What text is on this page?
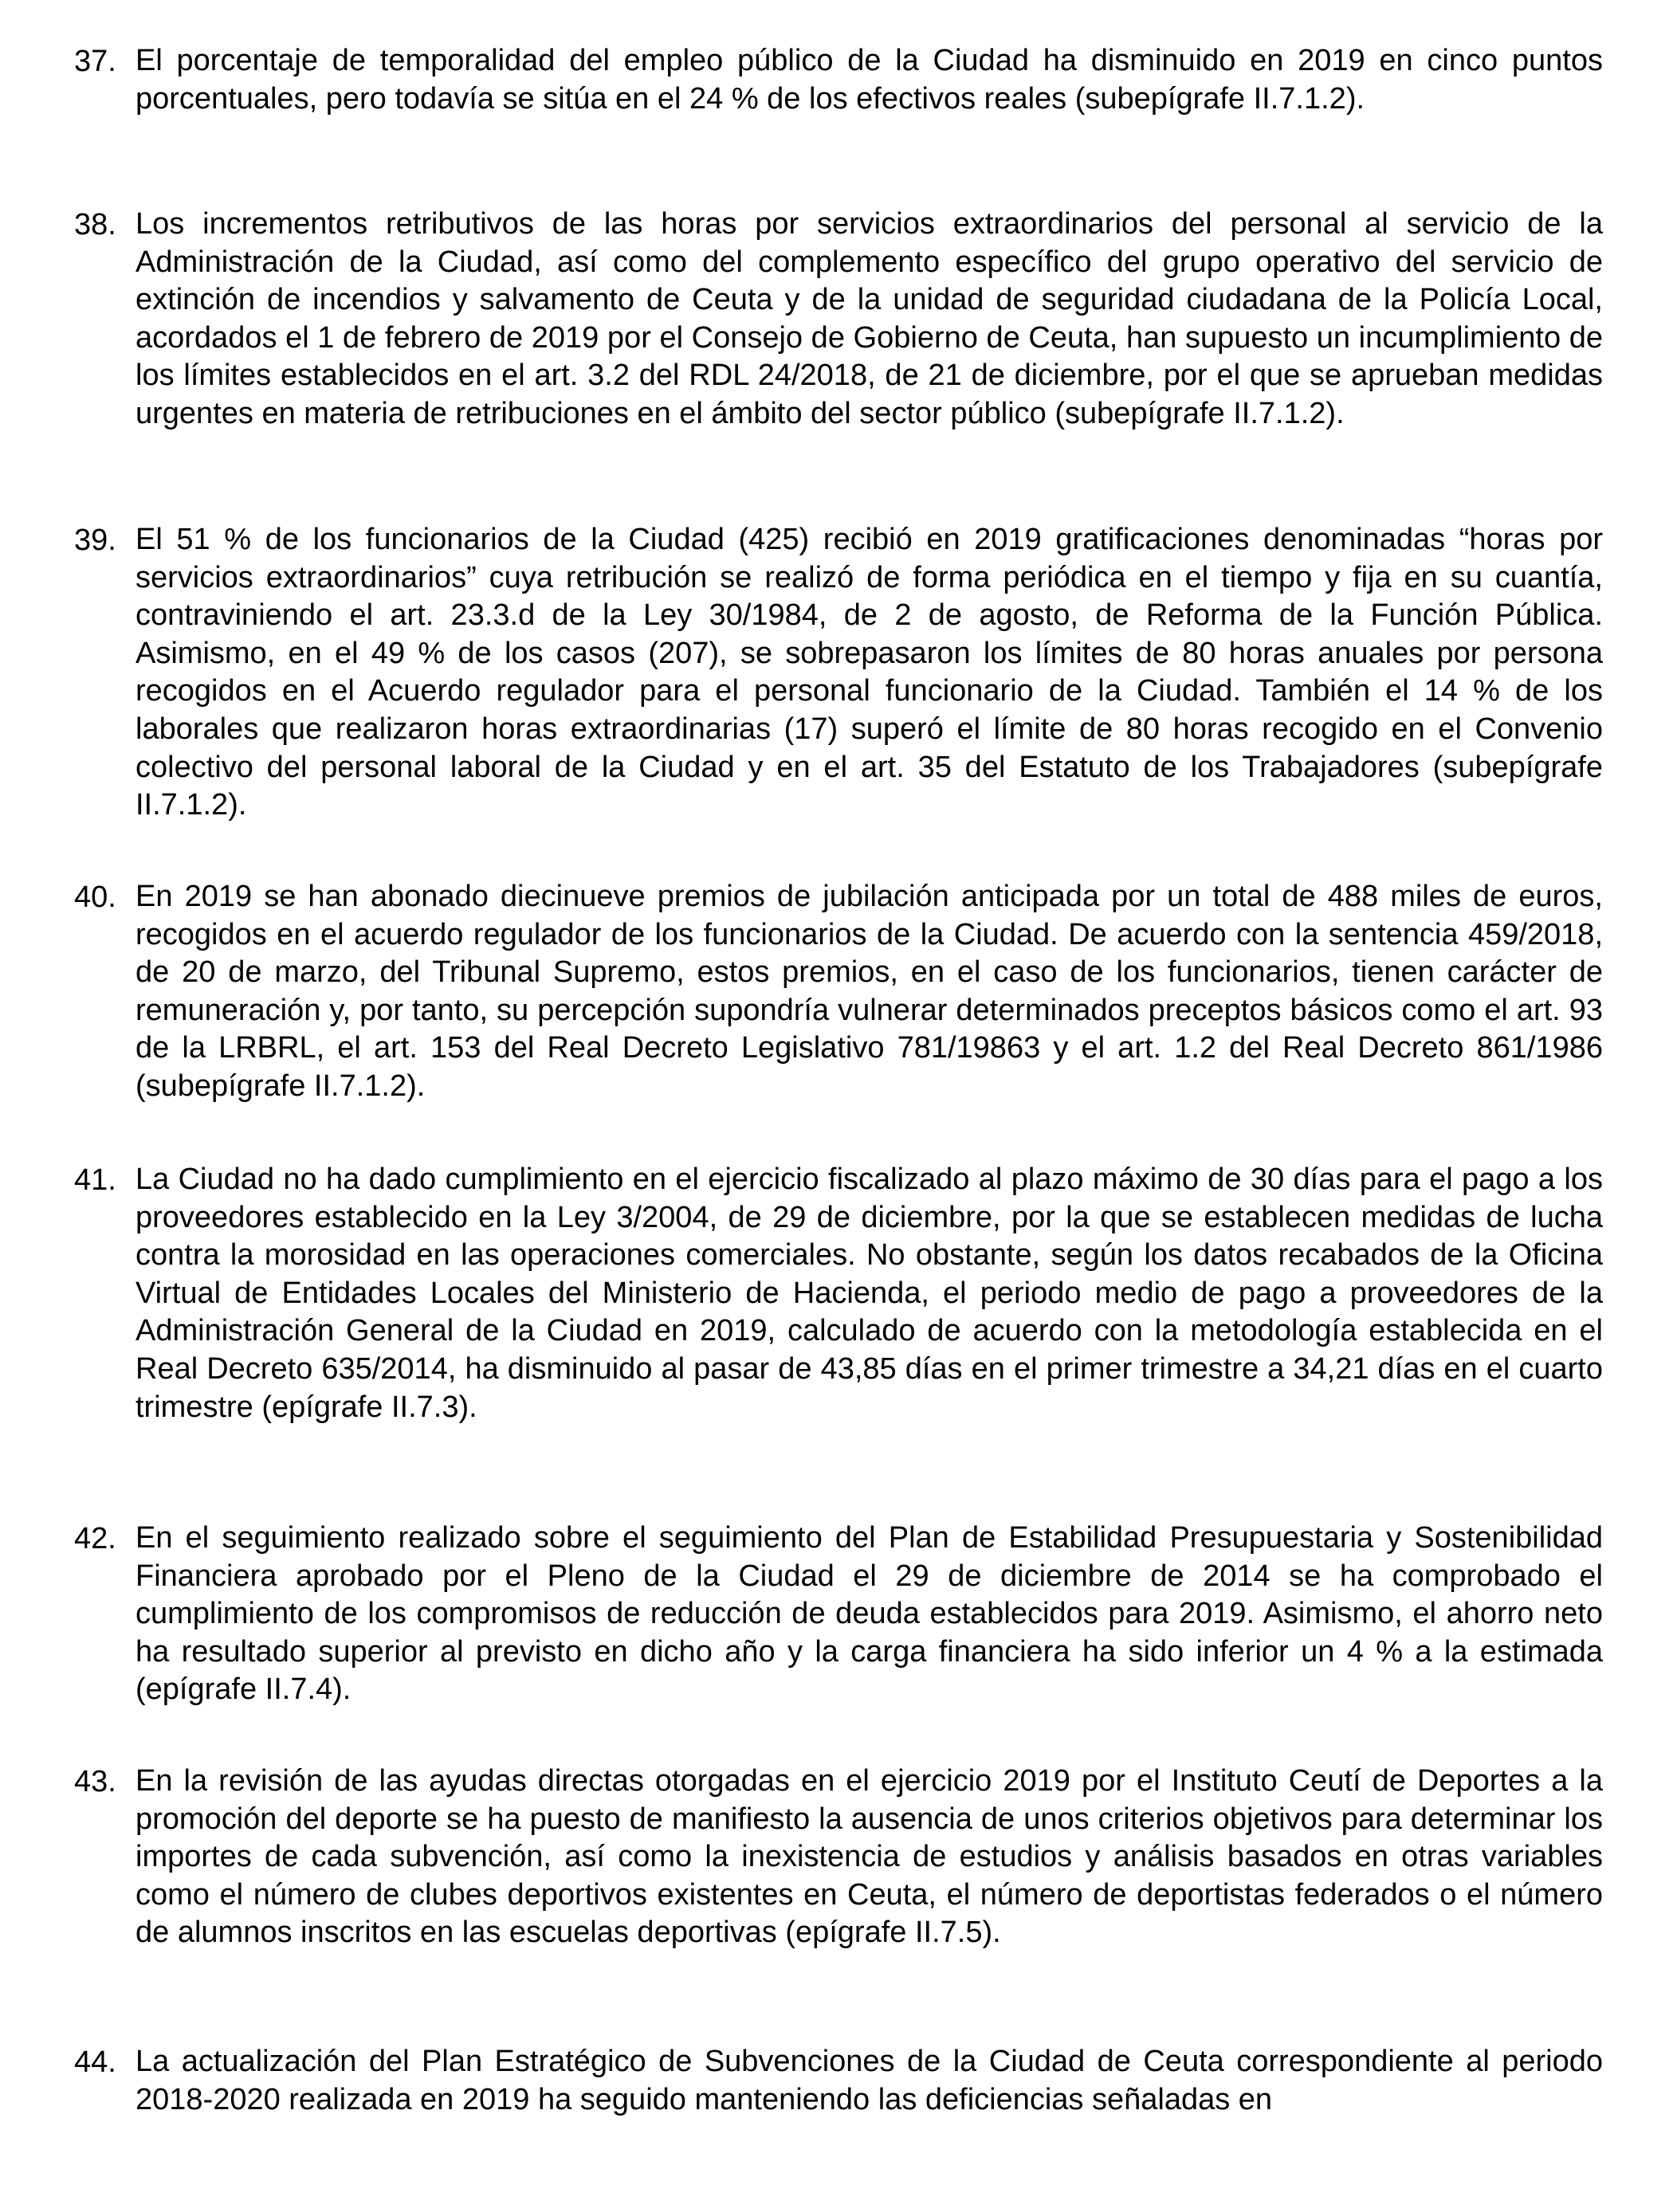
37. El porcentaje de temporalidad del empleo público de la Ciudad ha disminuido en 2019 en cinco puntos porcentuales, pero todavía se sitúa en el 24 % de los efectivos reales (subepígrafe II.7.1.2).
38. Los incrementos retributivos de las horas por servicios extraordinarios del personal al servicio de la Administración de la Ciudad, así como del complemento específico del grupo operativo del servicio de extinción de incendios y salvamento de Ceuta y de la unidad de seguridad ciudadana de la Policía Local, acordados el 1 de febrero de 2019 por el Consejo de Gobierno de Ceuta, han supuesto un incumplimiento de los límites establecidos en el art. 3.2 del RDL 24/2018, de 21 de diciembre, por el que se aprueban medidas urgentes en materia de retribuciones en el ámbito del sector público (subepígrafe II.7.1.2).
39. El 51 % de los funcionarios de la Ciudad (425) recibió en 2019 gratificaciones denominadas “horas por servicios extraordinarios” cuya retribución se realizó de forma periódica en el tiempo y fija en su cuantía, contraviniendo el art. 23.3.d de la Ley 30/1984, de 2 de agosto, de Reforma de la Función Pública. Asimismo, en el 49 % de los casos (207), se sobrepasaron los límites de 80 horas anuales por persona recogidos en el Acuerdo regulador para el personal funcionario de la Ciudad. También el 14 % de los laborales que realizaron horas extraordinarias (17) superó el límite de 80 horas recogido en el Convenio colectivo del personal laboral de la Ciudad y en el art. 35 del Estatuto de los Trabajadores (subepígrafe II.7.1.2).
40. En 2019 se han abonado diecinueve premios de jubilación anticipada por un total de 488 miles de euros, recogidos en el acuerdo regulador de los funcionarios de la Ciudad. De acuerdo con la sentencia 459/2018, de 20 de marzo, del Tribunal Supremo, estos premios, en el caso de los funcionarios, tienen carácter de remuneración y, por tanto, su percepción supondría vulnerar determinados preceptos básicos como el art. 93 de la LRBRL, el art. 153 del Real Decreto Legislativo 781/19863 y el art. 1.2 del Real Decreto 861/1986 (subepígrafe II.7.1.2).
41. La Ciudad no ha dado cumplimiento en el ejercicio fiscalizado al plazo máximo de 30 días para el pago a los proveedores establecido en la Ley 3/2004, de 29 de diciembre, por la que se establecen medidas de lucha contra la morosidad en las operaciones comerciales. No obstante, según los datos recabados de la Oficina Virtual de Entidades Locales del Ministerio de Hacienda, el periodo medio de pago a proveedores de la Administración General de la Ciudad en 2019, calculado de acuerdo con la metodología establecida en el Real Decreto 635/2014, ha disminuido al pasar de 43,85 días en el primer trimestre a 34,21 días en el cuarto trimestre (epígrafe II.7.3).
42. En el seguimiento realizado sobre el seguimiento del Plan de Estabilidad Presupuestaria y Sostenibilidad Financiera aprobado por el Pleno de la Ciudad el 29 de diciembre de 2014 se ha comprobado el cumplimiento de los compromisos de reducción de deuda establecidos para 2019. Asimismo, el ahorro neto ha resultado superior al previsto en dicho año y la carga financiera ha sido inferior un 4 % a la estimada (epígrafe II.7.4).
43. En la revisión de las ayudas directas otorgadas en el ejercicio 2019 por el Instituto Ceutí de Deportes a la promoción del deporte se ha puesto de manifiesto la ausencia de unos criterios objetivos para determinar los importes de cada subvención, así como la inexistencia de estudios y análisis basados en otras variables como el número de clubes deportivos existentes en Ceuta, el número de deportistas federados o el número de alumnos inscritos en las escuelas deportivas (epígrafe II.7.5).
44. La actualización del Plan Estratégico de Subvenciones de la Ciudad de Ceuta correspondiente al periodo 2018-2020 realizada en 2019 ha seguido manteniendo las deficiencias señaladas en
